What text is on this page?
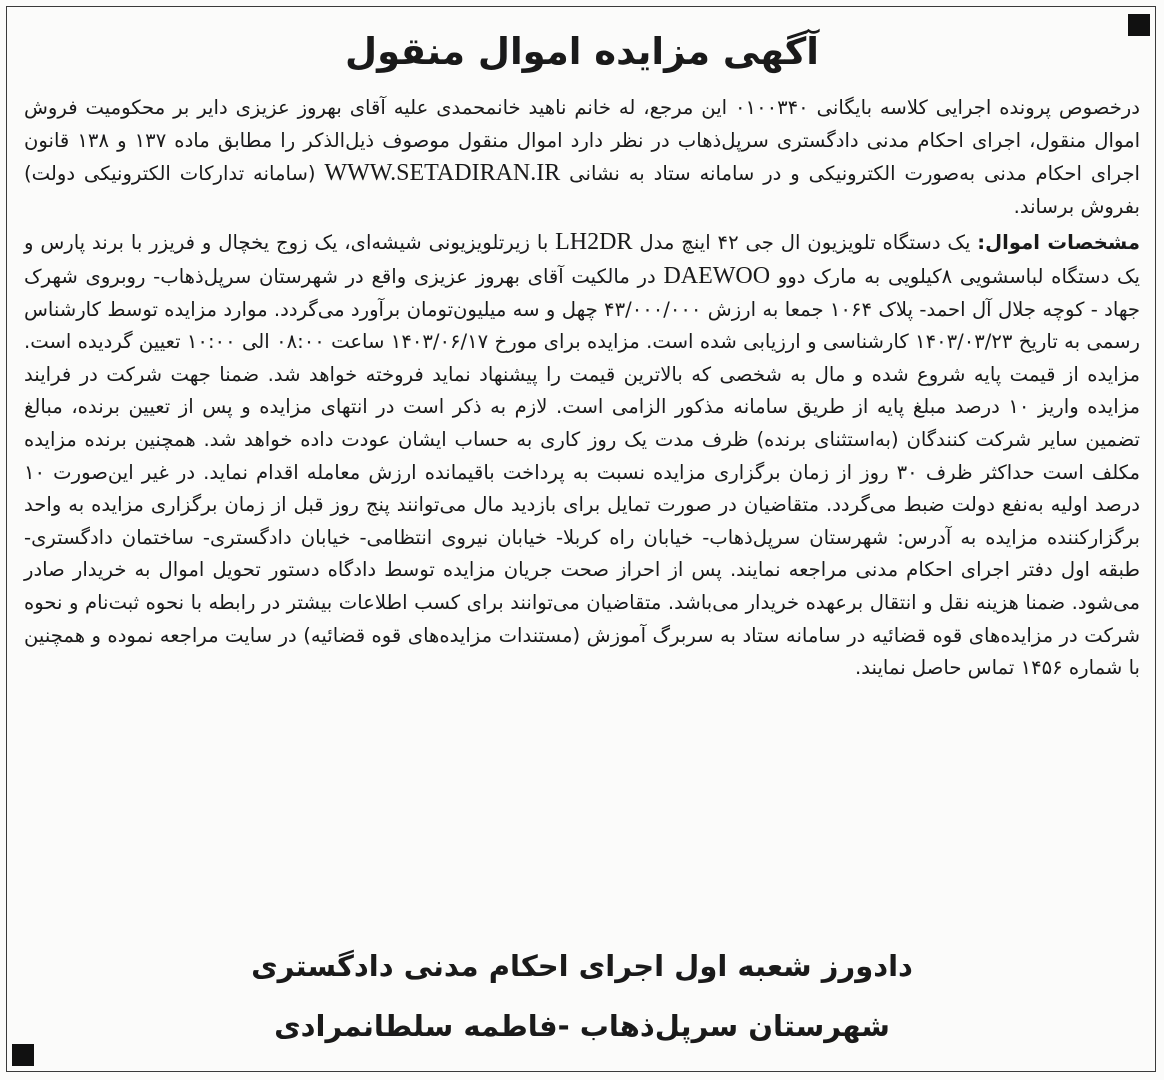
آگهی مزایده اموال منقول

درخصوص پرونده اجرایی کلاسه بایگانی ۰۱۰۰۳۴۰ این مرجع، له خانم ناهید خانمحمدی علیه آقای بهروز عزیزی دایر بر محکومیت فروش اموال منقول، اجرای احکام مدنی دادگستری سرپل‌ذهاب در نظر دارد اموال منقول موصوف ذیل‌الذکر را مطابق ماده ۱۳۷ و ۱۳۸ قانون اجرای احکام مدنی به‌صورت الکترونیکی و در سامانه ستاد به نشانی WWW.SETADIRAN.IR (سامانه تدارکات الکترونیکی دولت) بفروش برساند.

مشخصات اموال: یک دستگاه تلویزیون ال جی ۴۲ اینچ مدل LH2DR با زیرتلویزیونی شیشه‌ای، یک زوج یخچال و فریزر با برند پارس و یک دستگاه لباسشویی ۸کیلویی به مارک دوو DAEWOO در مالکیت آقای بهروز عزیزی واقع در شهرستان سرپل‌ذهاب- روبروی شهرک جهاد - کوچه جلال آل احمد- پلاک ۱۰۶۴ جمعا به ارزش ۴۳/۰۰۰/۰۰۰ چهل و سه میلیون‌تومان برآورد می‌گردد. موارد مزایده توسط کارشناس رسمی به تاریخ ۱۴۰۳/۰۳/۲۳ کارشناسی و ارزیابی شده است. مزایده برای مورخ ۱۴۰۳/۰۶/۱۷ ساعت ۰۸:۰۰ الی ۱۰:۰۰ تعیین گردیده است. مزایده از قیمت پایه شروع شده و مال به شخصی که بالاترین قیمت را پیشنهاد نماید فروخته خواهد شد. ضمنا جهت شرکت در فرایند مزایده واریز ۱۰ درصد مبلغ پایه از طریق سامانه مذکور الزامی است. لازم به ذکر است در انتهای مزایده و پس از تعیین برنده، مبالغ تضمین سایر شرکت کنندگان (به‌استثنای برنده) ظرف مدت یک روز کاری به حساب ایشان عودت داده خواهد شد. همچنین برنده مزایده مکلف است حداکثر ظرف ۳۰ روز از زمان برگزاری مزایده نسبت به پرداخت باقیمانده ارزش معامله اقدام نماید. در غیر این‌صورت ۱۰ درصد اولیه به‌نفع دولت ضبط می‌گردد. متقاضیان در صورت تمایل برای بازدید مال می‌توانند پنج روز قبل از زمان برگزاری مزایده به واحد برگزارکننده مزایده به آدرس: شهرستان سرپل‌ذهاب- خیابان راه کربلا- خیابان نیروی انتظامی- خیابان دادگستری- ساختمان دادگستری- طبقه اول دفتر اجرای احکام مدنی مراجعه نمایند. پس از احراز صحت جریان مزایده توسط دادگاه دستور تحویل اموال به خریدار صادر می‌شود. ضمنا هزینه نقل و انتقال برعهده خریدار می‌باشد. متقاضیان می‌توانند برای کسب اطلاعات بیشتر در رابطه با نحوه ثبت‌نام و نحوه شرکت در مزایده‌های قوه قضائیه در سامانه ستاد به سربرگ آموزش (مستندات مزایده‌های قوه قضائیه) در سایت مراجعه نموده و همچنین با شماره ۱۴۵۶ تماس حاصل نمایند.

دادورز شعبه اول اجرای احکام مدنی دادگستری

شهرستان سرپل‌ذهاب -فاطمه سلطانمرادی
